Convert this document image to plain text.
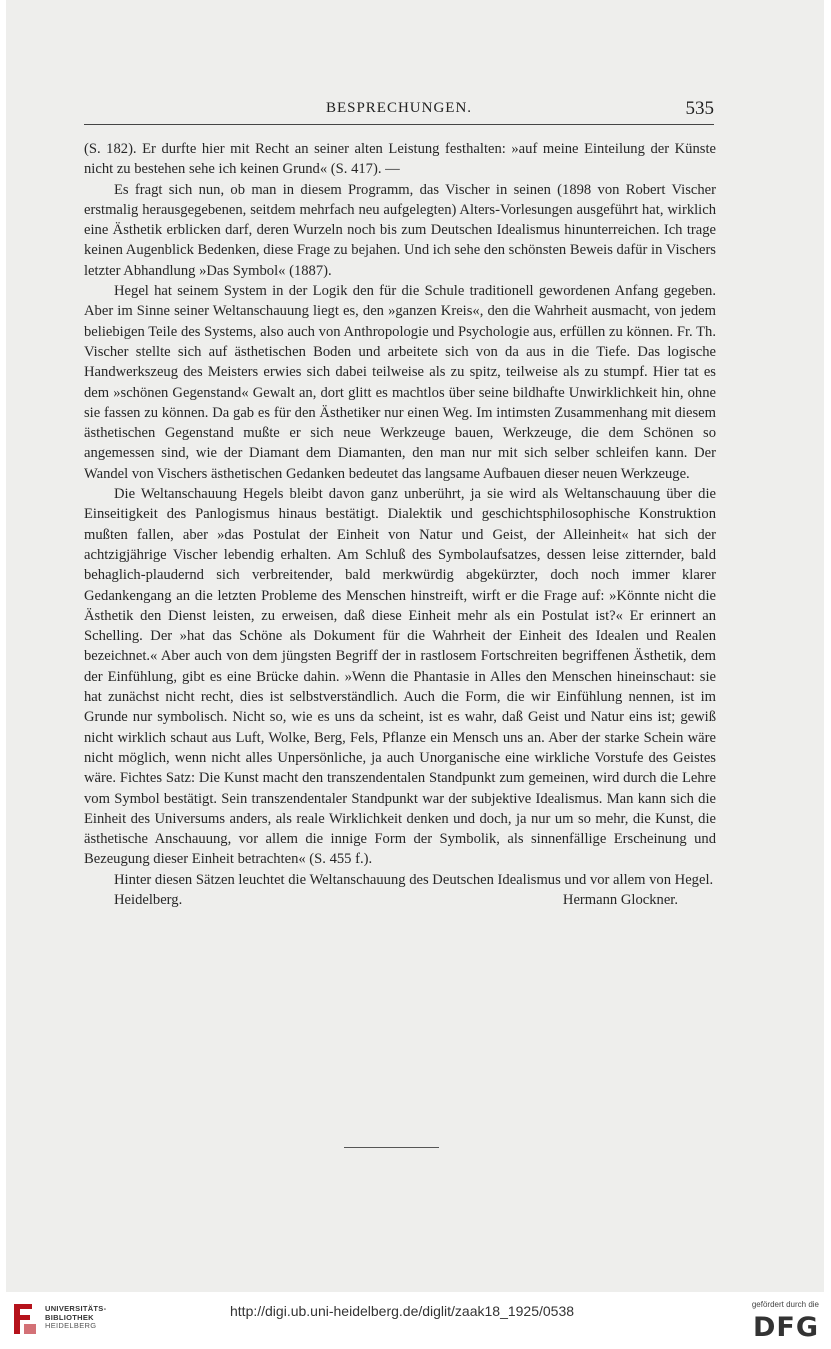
BESPRECHUNGEN.	535

(S. 182). Er durfte hier mit Recht an seiner alten Leistung festhalten: »auf meine Einteilung der Künste nicht zu bestehen sehe ich keinen Grund« (S. 417). —

Es fragt sich nun, ob man in diesem Programm, das Vischer in seinen (1898 von Robert Vischer erstmalig herausgegebenen, seitdem mehrfach neu aufgelegten) Alters-Vorlesungen ausgeführt hat, wirklich eine Ästhetik erblicken darf, deren Wurzeln noch bis zum Deutschen Idealismus hinunterreichen. Ich trage keinen Augenblick Bedenken, diese Frage zu bejahen. Und ich sehe den schönsten Beweis dafür in Vischers letzter Abhandlung »Das Symbol« (1887).

Hegel hat seinem System in der Logik den für die Schule traditionell gewordenen Anfang gegeben. Aber im Sinne seiner Weltanschauung liegt es, den »ganzen Kreis«, den die Wahrheit ausmacht, von jedem beliebigen Teile des Systems, also auch von Anthropologie und Psychologie aus, erfüllen zu können. Fr. Th. Vischer stellte sich auf ästhetischen Boden und arbeitete sich von da aus in die Tiefe. Das logische Handwerkszeug des Meisters erwies sich dabei teilweise als zu spitz, teilweise als zu stumpf. Hier tat es dem »schönen Gegenstand« Gewalt an, dort glitt es machtlos über seine bildhafte Unwirklichkeit hin, ohne sie fassen zu können. Da gab es für den Ästhetiker nur einen Weg. Im intimsten Zusammenhang mit diesem ästhetischen Gegenstand mußte er sich neue Werkzeuge bauen, Werkzeuge, die dem Schönen so angemessen sind, wie der Diamant dem Diamanten, den man nur mit sich selber schleifen kann. Der Wandel von Vischers ästhetischen Gedanken bedeutet das langsame Aufbauen dieser neuen Werkzeuge.

Die Weltanschauung Hegels bleibt davon ganz unberührt, ja sie wird als Weltanschauung über die Einseitigkeit des Panlogismus hinaus bestätigt. Dialektik und geschichtsphilosophische Konstruktion mußten fallen, aber »das Postulat der Einheit von Natur und Geist, der Alleinheit« hat sich der achtzigjährige Vischer lebendig erhalten. Am Schluß des Symbolaufsatzes, dessen leise zitternder, bald behaglich-plaudernd sich verbreitender, bald merkwürdig abgekürzter, doch noch immer klarer Gedankengang an die letzten Probleme des Menschen hinstreift, wirft er die Frage auf: »Könnte nicht die Ästhetik den Dienst leisten, zu erweisen, daß diese Einheit mehr als ein Postulat ist?« Er erinnert an Schelling. Der »hat das Schöne als Dokument für die Wahrheit der Einheit des Idealen und Realen bezeichnet.« Aber auch von dem jüngsten Begriff der in rastlosem Fortschreiten begriffenen Ästhetik, dem der Einfühlung, gibt es eine Brücke dahin. »Wenn die Phantasie in Alles den Menschen hineinschaut: sie hat zunächst nicht recht, dies ist selbstverständlich. Auch die Form, die wir Einfühlung nennen, ist im Grunde nur symbolisch. Nicht so, wie es uns da scheint, ist es wahr, daß Geist und Natur eins ist; gewiß nicht wirklich schaut aus Luft, Wolke, Berg, Fels, Pflanze ein Mensch uns an. Aber der starke Schein wäre nicht möglich, wenn nicht alles Unpersönliche, ja auch Unorganische eine wirkliche Vorstufe des Geistes wäre. Fichtes Satz: Die Kunst macht den transzendentalen Standpunkt zum gemeinen, wird durch die Lehre vom Symbol bestätigt. Sein transzendentaler Standpunkt war der subjektive Idealismus. Man kann sich die Einheit des Universums anders, als reale Wirklichkeit denken und doch, ja nur um so mehr, die Kunst, die ästhetische Anschauung, vor allem die innige Form der Symbolik, als sinnenfällige Erscheinung und Bezeugung dieser Einheit betrachten« (S. 455 f.).

Hinter diesen Sätzen leuchtet die Weltanschauung des Deutschen Idealismus und vor allem von Hegel.

Heidelberg.	Hermann Glockner.
UNIVERSITÄTS-
BIBLIOTHEK
HEIDELBERG
http://digi.ub.uni-heidelberg.de/diglit/zaak18_1925/0538	gefördert durch die
DFG
